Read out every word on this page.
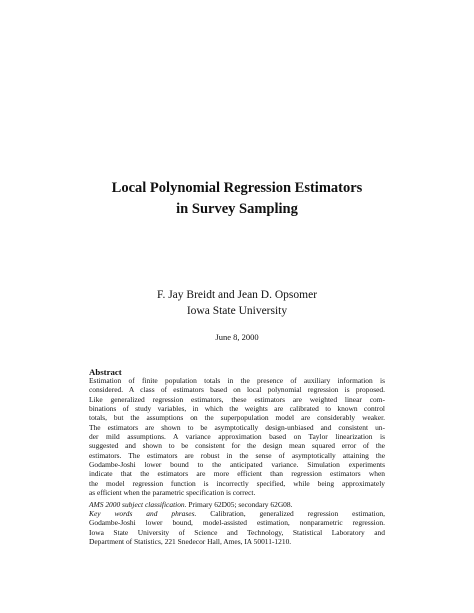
Local Polynomial Regression Estimators
in Survey Sampling
F. Jay Breidt and Jean D. Opsomer
Iowa State University
June 8, 2000
Abstract
Estimation of finite population totals in the presence of auxiliary information is
considered. A class of estimators based on local polynomial regression is proposed.
Like generalized regression estimators, these estimators are weighted linear com-
binations of study variables, in which the weights are calibrated to known control
totals, but the assumptions on the superpopulation model are considerably weaker.
The estimators are shown to be asymptotically design-unbiased and consistent un-
der mild assumptions. A variance approximation based on Taylor linearization is
suggested and shown to be consistent for the design mean squared error of the
estimators. The estimators are robust in the sense of asymptotically attaining the
Godambe-Joshi lower bound to the anticipated variance. Simulation experiments
indicate that the estimators are more efficient than regression estimators when
the model regression function is incorrectly specified, while being approximately
as efficient when the parametric specification is correct.
AMS 2000 subject classification. Primary 62D05; secondary 62G08.
Key words and phrases. Calibration, generalized regression estimation,
Godambe-Joshi lower bound, model-assisted estimation, nonparametric regression.
Iowa State University of Science and Technology, Statistical Laboratory and
Department of Statistics, 221 Snedecor Hall, Ames, IA 50011-1210.
